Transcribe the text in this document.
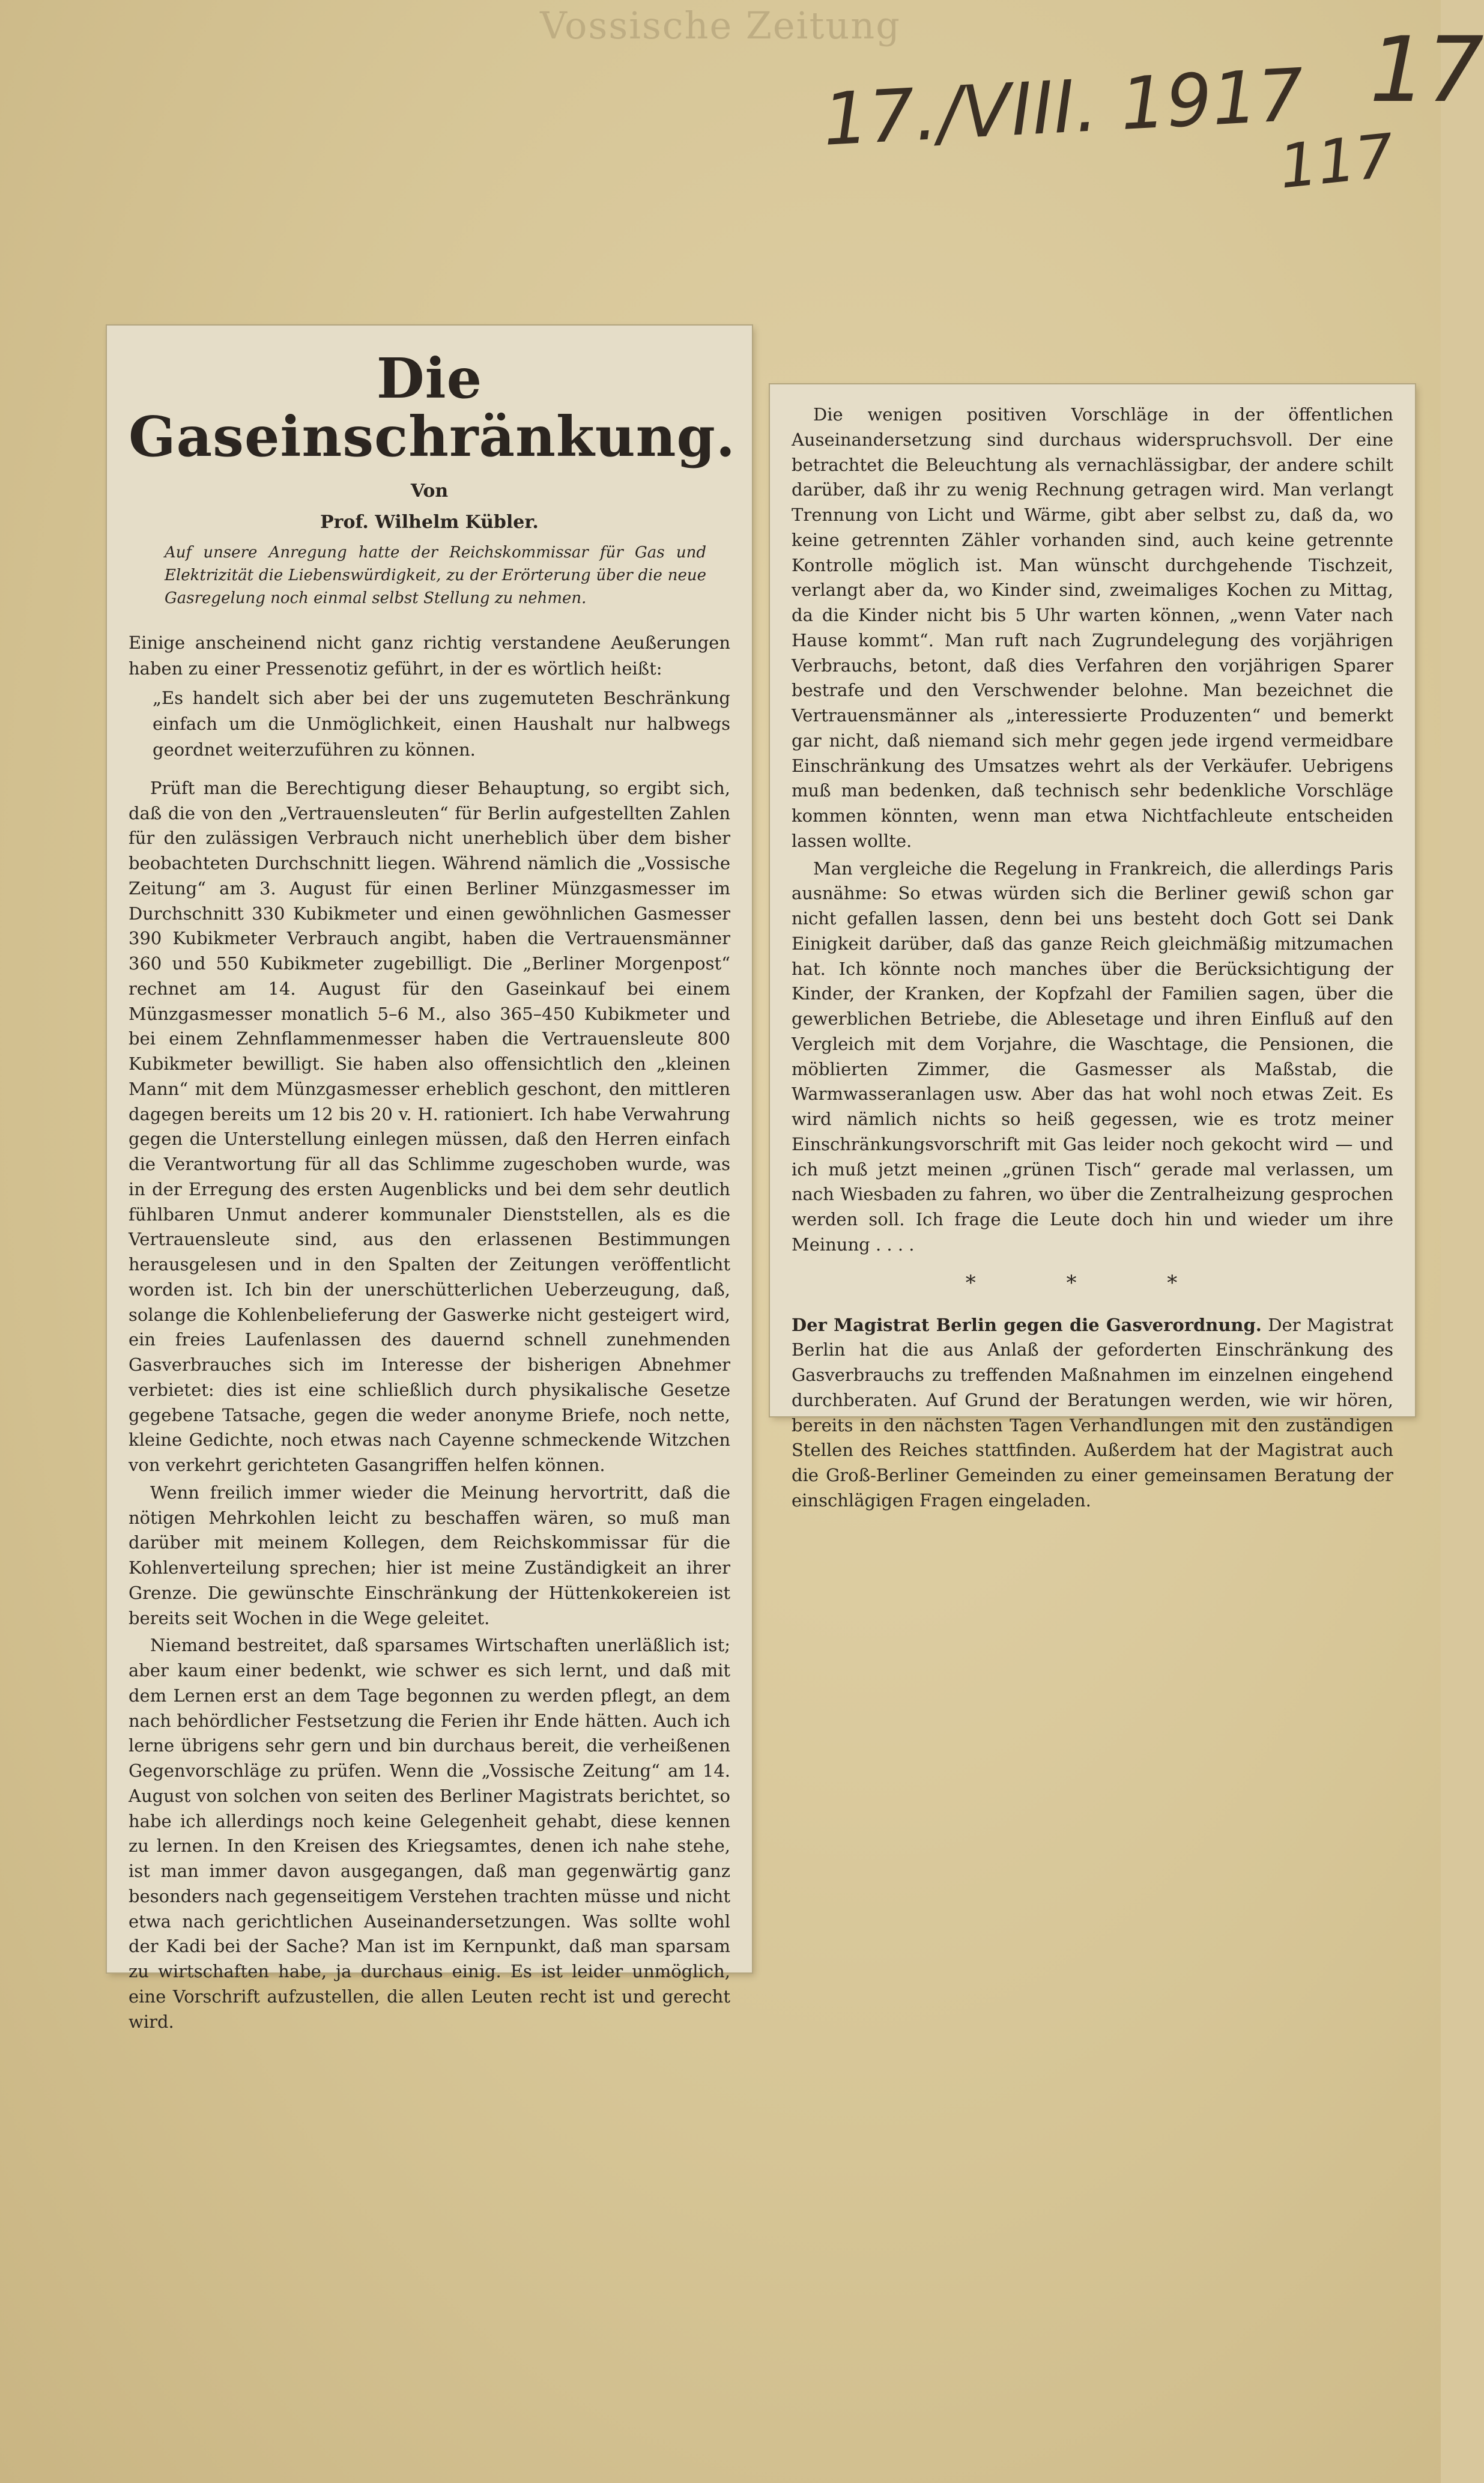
Vossische Zeitung
17./VIII. 1917 17
117
Die Gaseinschränkung.
Von
Prof. Wilhelm Kübler.
Auf unsere Anregung hatte der Reichskommissar für Gas und Elektrizität die Liebenswürdigkeit, zu der Erörterung über die neue Gasregelung noch einmal selbst Stellung zu nehmen.
Einige anscheinend nicht ganz richtig verstandene Aeußerungen haben zu einer Pressenotiz geführt, in der es wörtlich heißt:
„Es handelt sich aber bei der uns zugemuteten Beschränkung einfach um die Unmöglichkeit, einen Haushalt nur halbwegs geordnet weiterzuführen zu können.

Prüft man die Berechtigung dieser Behauptung, so ergibt sich, daß die von den „Vertrauensleuten“ für Berlin aufgestellten Zahlen für den zulässigen Verbrauch nicht unerheblich über dem bisher beobachteten Durchschnitt liegen. Während nämlich die „Vossische Zeitung“ am 3. August für einen Berliner Münzgasmesser im Durchschnitt 330 Kubikmeter und einen gewöhnlichen Gasmesser 390 Kubikmeter Verbrauch angibt, haben die Vertrauensmänner 360 und 550 Kubikmeter zugebilligt. Die „Berliner Morgenpost“ rechnet am 14. August für den Gaseinkauf bei einem Münzgasmesser monatlich 5–6 M., also 365–450 Kubikmeter und bei einem Zehnflammenmesser haben die Vertrauensleute 800 Kubikmeter bewilligt. Sie haben also offensichtlich den „kleinen Mann“ mit dem Münzgasmesser erheblich geschont, den mittleren dagegen bereits um 12 bis 20 v. H. rationiert. Ich habe Verwahrung gegen die Unterstellung einlegen müssen, daß den Herren einfach die Verantwortung für all das Schlimme zugeschoben wurde, was in der Erregung des ersten Augenblicks und bei dem sehr deutlich fühlbaren Unmut anderer kommunaler Dienststellen, als es die Vertrauensleute sind, aus den erlassenen Bestimmungen herausgelesen und in den Spalten der Zeitungen veröffentlicht worden ist. Ich bin der unerschütterlichen Ueberzeugung, daß, solange die Kohlenbelieferung der Gaswerke nicht gesteigert wird, ein freies Laufenlassen des dauernd schnell zunehmenden Gasverbrauches sich im Interesse der bisherigen Abnehmer verbietet: dies ist eine schließlich durch physikalische Gesetze gegebene Tatsache, gegen die weder anonyme Briefe, noch nette, kleine Gedichte, noch etwas nach Cayenne schmeckende Witzchen von verkehrt gerichteten Gasangriffen helfen können.

Wenn freilich immer wieder die Meinung hervortritt, daß die nötigen Mehrkohlen leicht zu beschaffen wären, so muß man darüber mit meinem Kollegen, dem Reichskommissar für die Kohlenverteilung sprechen; hier ist meine Zuständigkeit an ihrer Grenze. Die gewünschte Einschränkung der Hüttenkokereien ist bereits seit Wochen in die Wege geleitet.

Niemand bestreitet, daß sparsames Wirtschaften unerläßlich ist; aber kaum einer bedenkt, wie schwer es sich lernt, und daß mit dem Lernen erst an dem Tage begonnen zu werden pflegt, an dem nach behördlicher Festsetzung die Ferien ihr Ende hätten. Auch ich lerne übrigens sehr gern und bin durchaus bereit, die verheißenen Gegenvorschläge zu prüfen. Wenn die „Vossische Zeitung“ am 14. August von solchen von seiten des Berliner Magistrats berichtet, so habe ich allerdings noch keine Gelegenheit gehabt, diese kennen zu lernen. In den Kreisen des Kriegsamtes, denen ich nahe stehe, ist man immer davon ausgegangen, daß man gegenwärtig ganz besonders nach gegenseitigem Verstehen trachten müsse und nicht etwa nach gerichtlichen Auseinandersetzungen. Was sollte wohl der Kadi bei der Sache? Man ist im Kernpunkt, daß man sparsam zu wirtschaften habe, ja durchaus einig. Es ist leider unmöglich, eine Vorschrift aufzustellen, die allen Leuten recht ist und gerecht wird.

Die wenigen positiven Vorschläge in der öffentlichen Auseinandersetzung sind durchaus widerspruchsvoll. Der eine betrachtet die Beleuchtung als vernachlässigbar, der andere schilt darüber, daß ihr zu wenig Rechnung getragen wird. Man verlangt Trennung von Licht und Wärme, gibt aber selbst zu, daß da, wo keine getrennten Zähler vorhanden sind, auch keine getrennte Kontrolle möglich ist. Man wünscht durchgehende Tischzeit, verlangt aber da, wo Kinder sind, zweimaliges Kochen zu Mittag, da die Kinder nicht bis 5 Uhr warten können, „wenn Vater nach Hause kommt“. Man ruft nach Zugrundelegung des vorjährigen Verbrauchs, betont, daß dies Verfahren den vorjährigen Sparer bestrafe und den Verschwender belohne. Man bezeichnet die Vertrauensmänner als „interessierte Produzenten“ und bemerkt gar nicht, daß niemand sich mehr gegen jede irgend vermeidbare Einschränkung des Umsatzes wehrt als der Verkäufer. Uebrigens muß man bedenken, daß technisch sehr bedenkliche Vorschläge kommen könnten, wenn man etwa Nichtfachleute entscheiden lassen wollte.

Man vergleiche die Regelung in Frankreich, die allerdings Paris ausnähme: So etwas würden sich die Berliner gewiß schon gar nicht gefallen lassen, denn bei uns besteht doch Gott sei Dank Einigkeit darüber, daß das ganze Reich gleichmäßig mitzumachen hat. Ich könnte noch manches über die Berücksichtigung der Kinder, der Kranken, der Kopfzahl der Familien sagen, über die gewerblichen Betriebe, die Ablesetage und ihren Einfluß auf den Vergleich mit dem Vorjahre, die Waschtage, die Pensionen, die möblierten Zimmer, die Gasmesser als Maßstab, die Warmwasseranlagen usw. Aber das hat wohl noch etwas Zeit. Es wird nämlich nichts so heiß gegessen, wie es trotz meiner Einschränkungsvorschrift mit Gas leider noch gekocht wird — und ich muß jetzt meinen „grünen Tisch“ gerade mal verlassen, um nach Wiesbaden zu fahren, wo über die Zentralheizung gesprochen werden soll. Ich frage die Leute doch hin und wieder um ihre Meinung . . . .

* * *

Der Magistrat Berlin gegen die Gasverordnung. Der Magistrat Berlin hat die aus Anlaß der geforderten Einschränkung des Gasverbrauchs zu treffenden Maßnahmen im einzelnen eingehend durchberaten. Auf Grund der Beratungen werden, wie wir hören, bereits in den nächsten Tagen Verhandlungen mit den zuständigen Stellen des Reiches stattfinden. Außerdem hat der Magistrat auch die Groß-Berliner Gemeinden zu einer gemeinsamen Beratung der einschlägigen Fragen eingeladen.
